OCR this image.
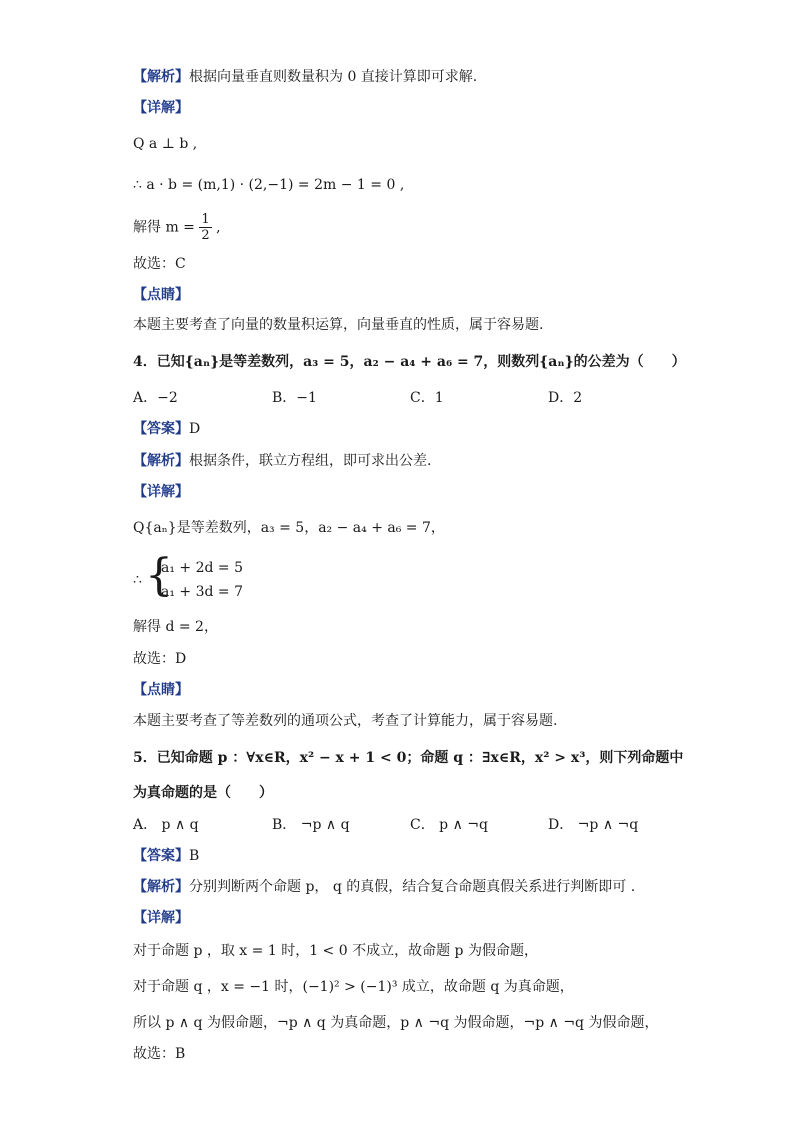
【解析】根据向量垂直则数量积为 0 直接计算即可求解.
【详解】
Q a ⊥ b ,
∴ a · b = (m,1) · (2,−1) = 2m − 1 = 0 ,
解得 $m = \frac{1}{2}$ ,
故选：C
【点睛】
本题主要考查了向量的数量积运算，向量垂直的性质，属于容易题.
4．已知{aₙ}是等差数列，a₃ = 5，a₂ − a₄ + a₆ = 7，则数列{aₙ}的公差为（　　）
A．−2	B．−1	C．1	D．2
【答案】D
【解析】根据条件，联立方程组，即可求出公差.
【详解】
Q{aₙ}是等差数列，a₃ = 5，a₂ − a₄ + a₆ = 7，
∴ {
a₁ + 2d = 5
a₁ + 3d = 7
解得 d = 2，
故选：D
【点睛】
本题主要考查了等差数列的通项公式，考查了计算能力，属于容易题.
5．已知命题 p ：∀x∈R，x² − x + 1 < 0；命题 q ：∃x∈R，x² > x³，则下列命题中
为真命题的是（　　）
A． p ∧ q	B． ¬p ∧ q	C． p ∧ ¬q	D． ¬p ∧ ¬q
【答案】B
【解析】分别判断两个命题 p， q 的真假，结合复合命题真假关系进行判断即可 .
【详解】
对于命题 p ，取 x = 1 时，1 < 0 不成立，故命题 p 为假命题，
对于命题 q ，x = −1 时，(−1)² > (−1)³ 成立，故命题 q 为真命题，
所以 p ∧ q 为假命题，¬p ∧ q 为真命题，p ∧ ¬q 为假命题，¬p ∧ ¬q 为假命题，
故选：B
